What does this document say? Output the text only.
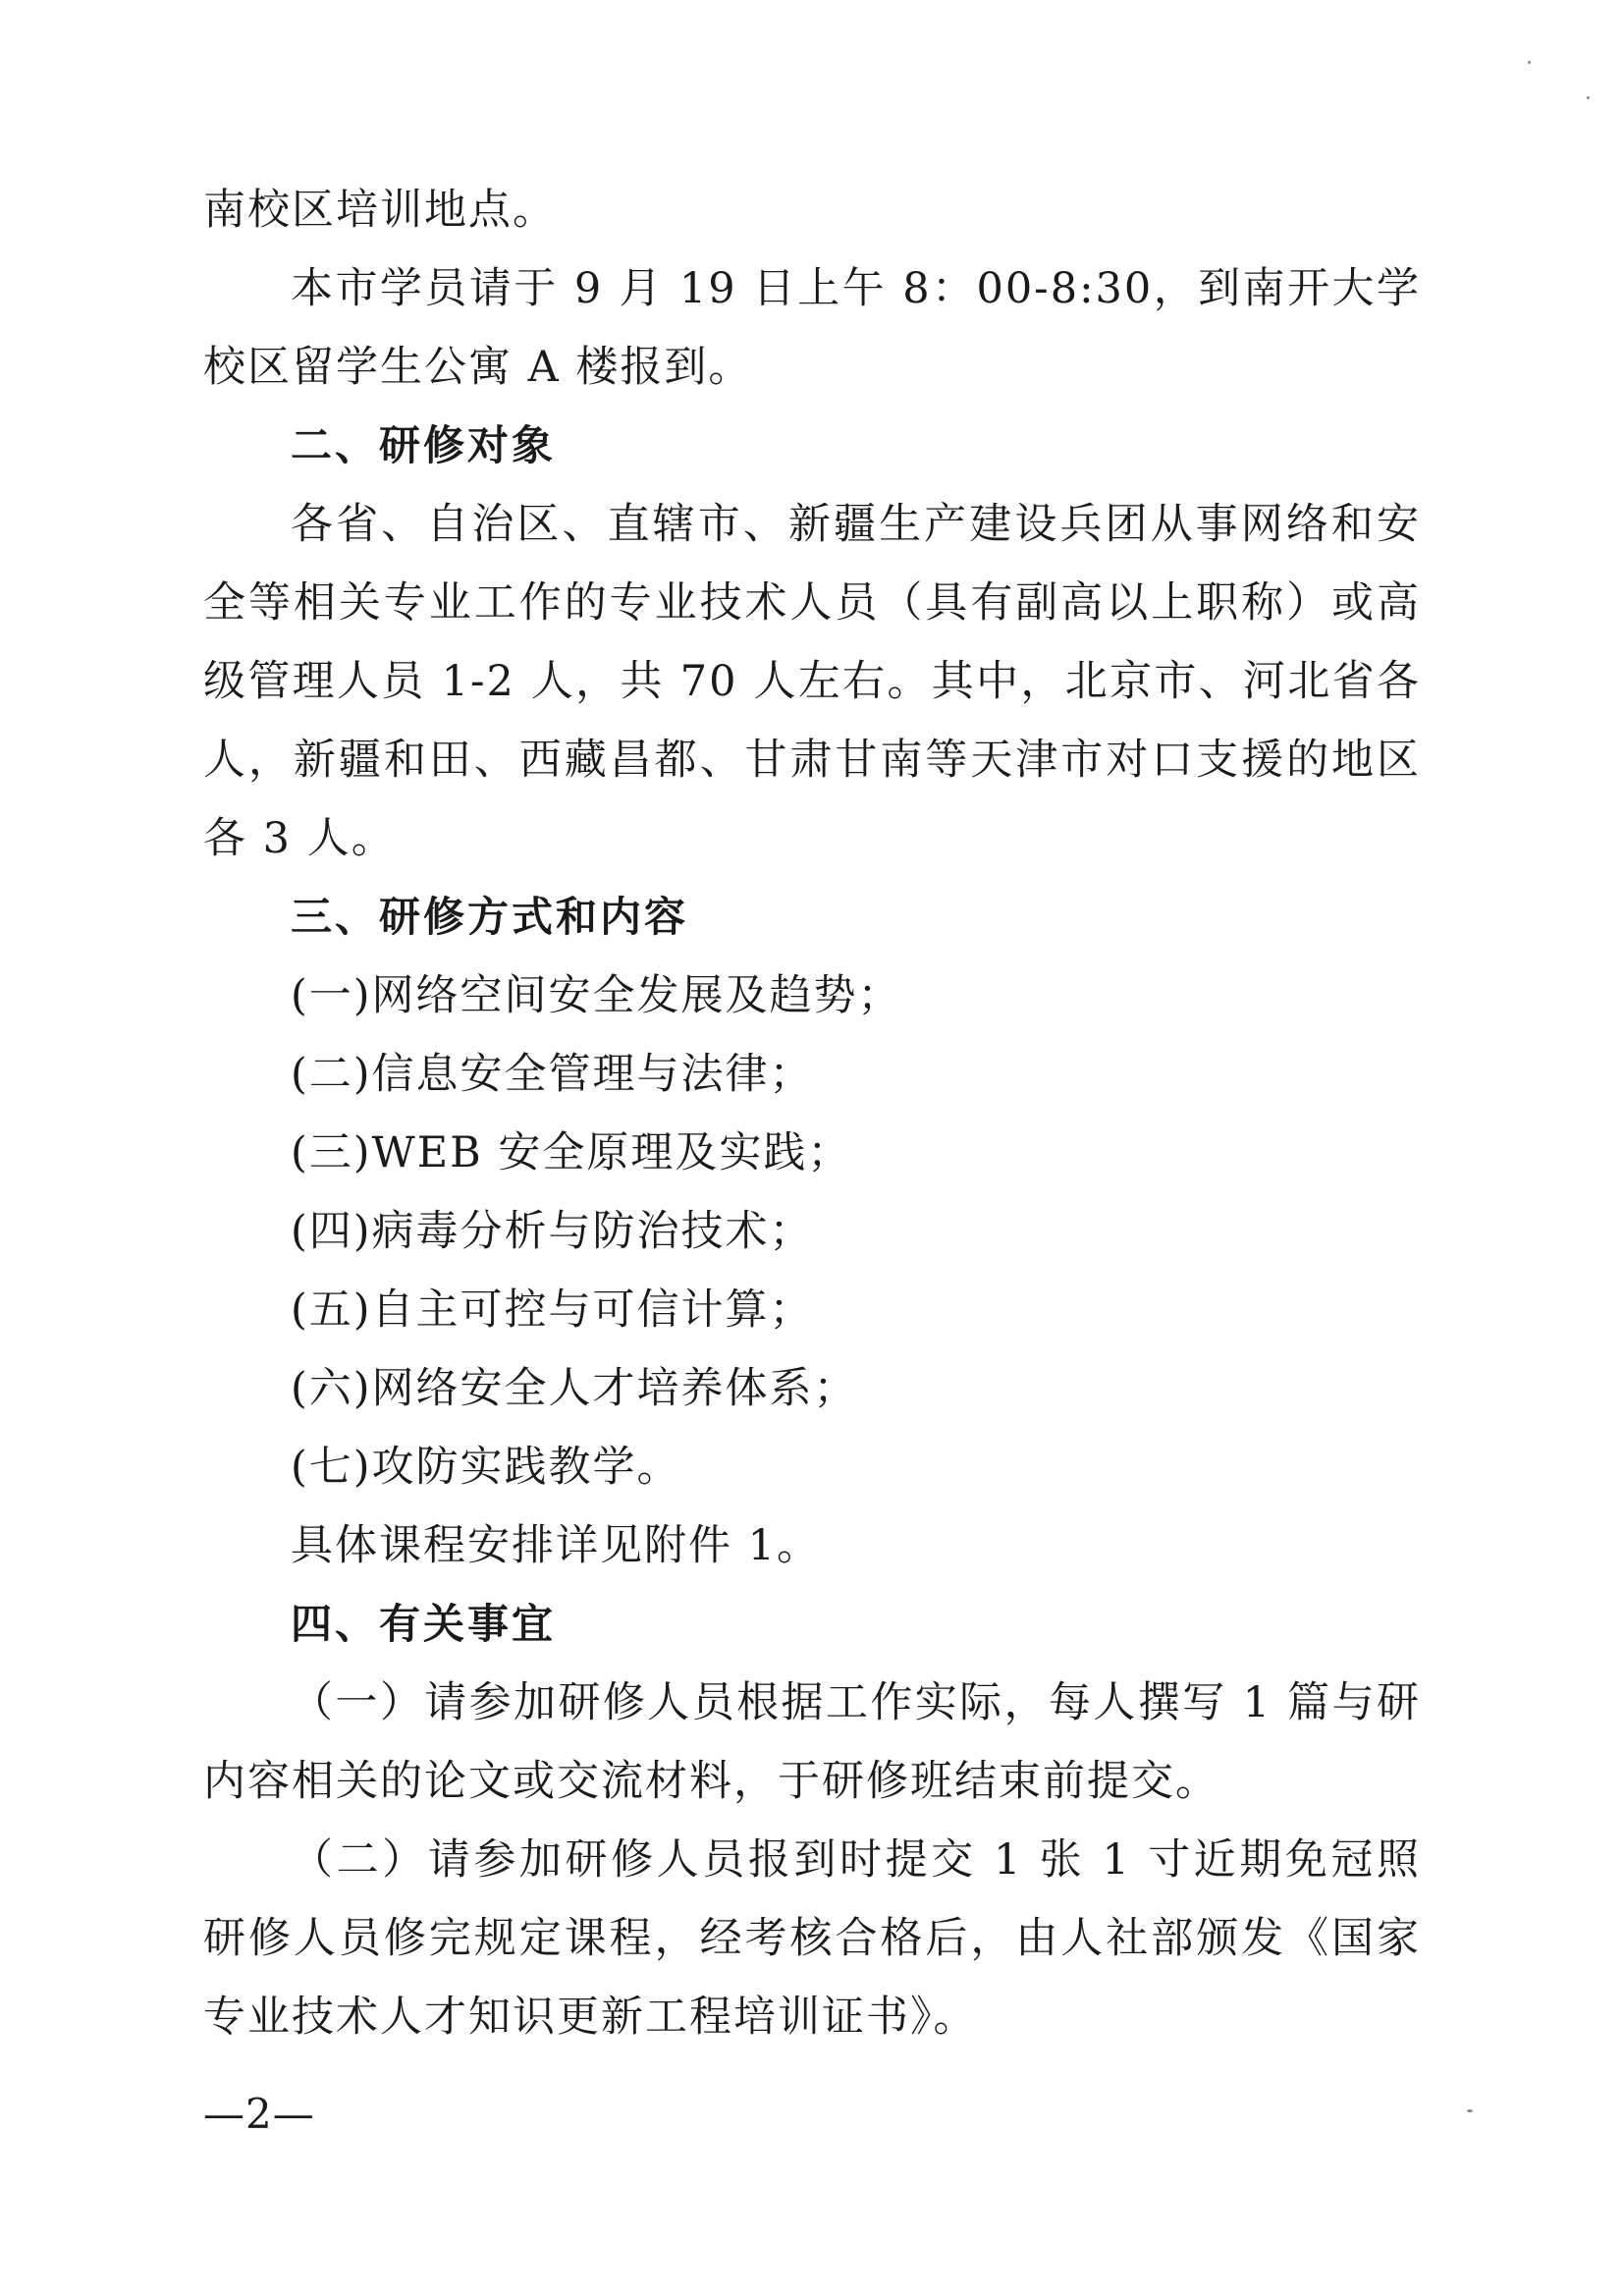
南校区培训地点。
本市学员请于 9 月 19 日上午 8：00-8:30，到南开大学
校区留学生公寓 A 楼报到。
二、研修对象
各省、自治区、直辖市、新疆生产建设兵团从事网络和安
全等相关专业工作的专业技术人员（具有副高以上职称）或高
级管理人员 1-2 人，共 70 人左右。其中，北京市、河北省各
人，新疆和田、西藏昌都、甘肃甘南等天津市对口支援的地区
各 3 人。
三、研修方式和内容
(一)网络空间安全发展及趋势；
(二)信息安全管理与法律；
(三)WEB 安全原理及实践；
(四)病毒分析与防治技术；
(五)自主可控与可信计算；
(六)网络安全人才培养体系；
(七)攻防实践教学。
具体课程安排详见附件 1。
四、有关事宜
（一）请参加研修人员根据工作实际，每人撰写 1 篇与研
内容相关的论文或交流材料，于研修班结束前提交。
（二）请参加研修人员报到时提交 1 张 1 寸近期免冠照
研修人员修完规定课程，经考核合格后，由人社部颁发《国家
专业技术人才知识更新工程培训证书》。
—2—
